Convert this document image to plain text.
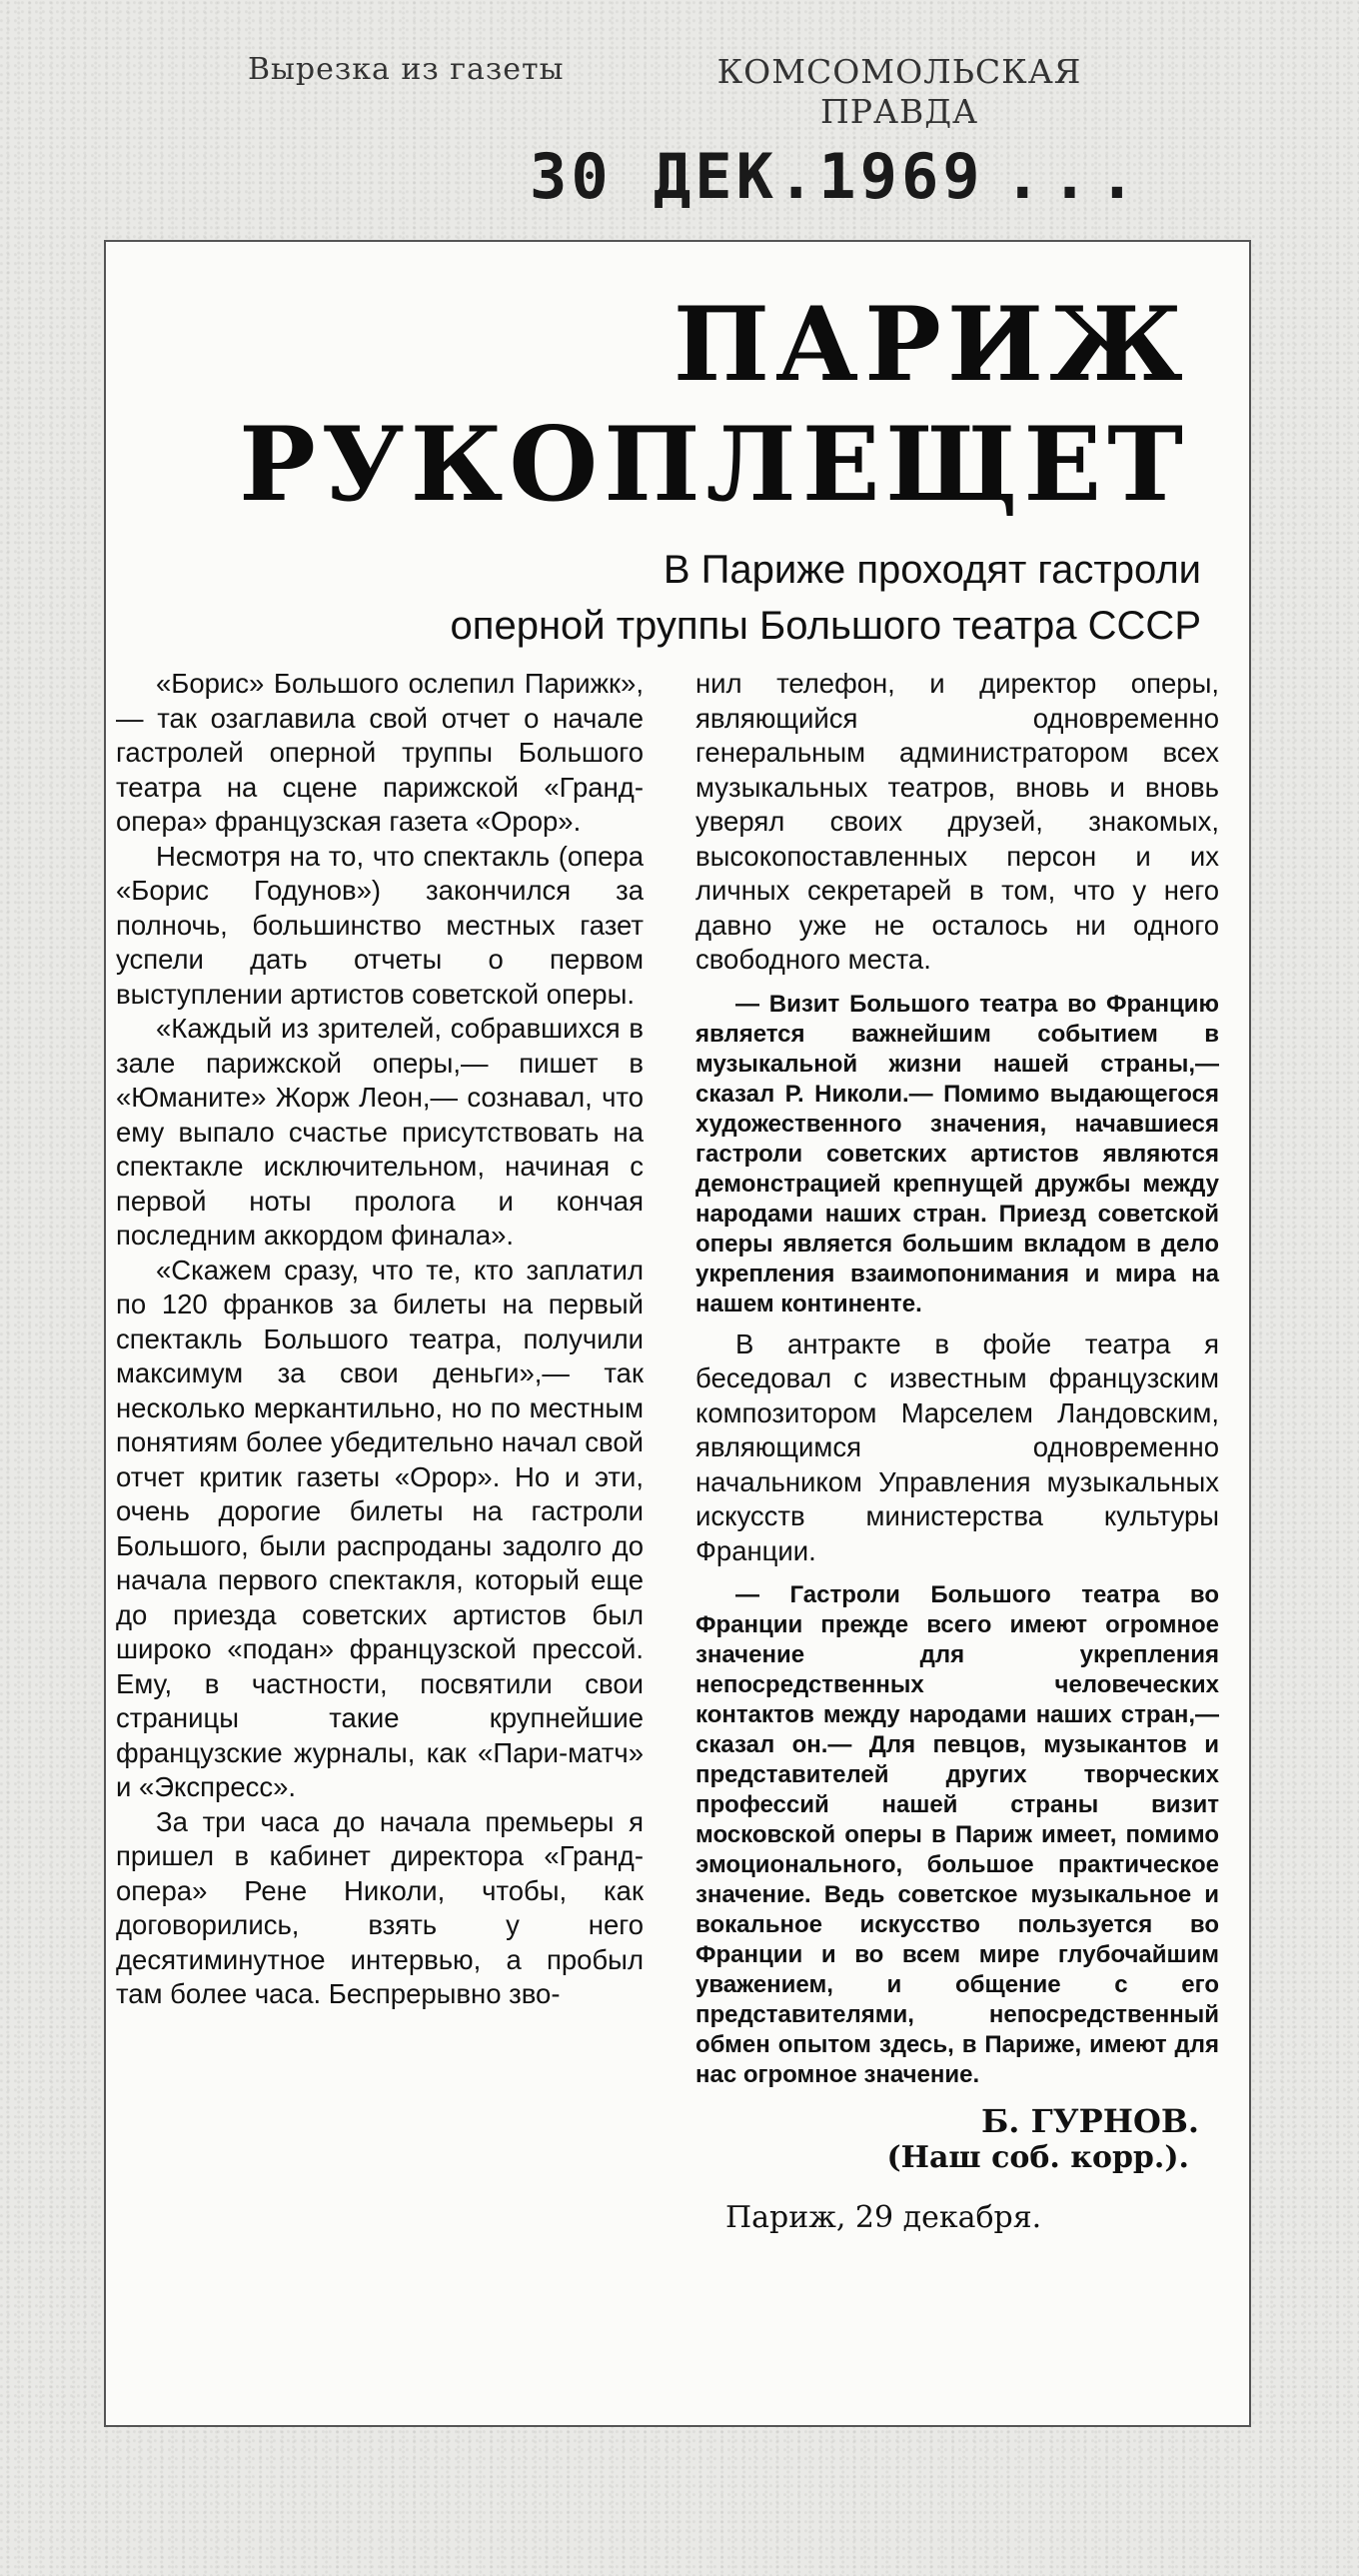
Вырезка из газеты	КОМСОМОЛЬСКАЯ ПРАВДА
30 ДЕК.1969 ...
ПАРИЖ
РУКОПЛЕЩЕТ
В Париже проходят гастроли
оперной труппы Большого театра СССР

«Борис» Большого ослепил Парижк»,— так озаглавила свой отчет о начале гастролей оперной труппы Большого театра на сцене парижской «Гранд-опера» французская газета «Орор».

Несмотря на то, что спектакль (опера «Борис Годунов») закончился за полночь, большинство местных газет успели дать отчеты о первом выступлении артистов советской оперы.

«Каждый из зрителей, собравшихся в зале парижской оперы,— пишет в «Юманите» Жорж Леон,— сознавал, что ему выпало счастье присутствовать на спектакле исключительном, начиная с первой ноты пролога и кончая последним аккордом финала».

«Скажем сразу, что те, кто заплатил по 120 франков за билеты на первый спектакль Большого театра, получили максимум за свои деньги»,— так несколько меркантильно, но по местным понятиям более убедительно начал свой отчет критик газеты «Орор». Но и эти, очень дорогие билеты на гастроли Большого, были распроданы задолго до начала первого спектакля, который еще до приезда советских артистов был широко «подан» французской прессой. Ему, в частности, посвятили свои страницы такие крупнейшие французские журналы, как «Пари-матч» и «Экспресс».

За три часа до начала премьеры я пришел в кабинет директора «Гранд-опера» Рене Николи, чтобы, как договорились, взять у него десятиминутное интервью, а пробыл там более часа. Беспрерывно зво-

нил телефон, и директор оперы, являющийся одновременно генеральным администратором всех музыкальных театров, вновь и вновь уверял своих друзей, знакомых, высокопоставленных персон и их личных секретарей в том, что у него давно уже не осталось ни одного свободного места.

— Визит Большого театра во Францию является важнейшим событием в музыкальной жизни нашей страны,— сказал Р. Николи.— Помимо выдающегося художественного значения, начавшиеся гастроли советских артистов являются демонстрацией крепнущей дружбы между народами наших стран. Приезд советской оперы является большим вкладом в дело укрепления взаимопонимания и мира на нашем континенте.

В антракте в фойе театра я беседовал с известным французским композитором Марселем Ландовским, являющимся одновременно начальником Управления музыкальных искусств министерства культуры Франции.

— Гастроли Большого театра во Франции прежде всего имеют огромное значение для укрепления непосредственных человеческих контактов между народами наших стран,— сказал он.— Для певцов, музыкантов и представителей других творческих профессий нашей страны визит московской оперы в Париж имеет, помимо эмоционального, большое практическое значение. Ведь советское музыкальное и вокальное искусство пользуется во Франции и во всем мире глубочайшим уважением, и общение с его представителями, непосредственный обмен опытом здесь, в Париже, имеют для нас огромное значение.

Б. ГУРНОВ.
(Наш соб. корр.).
Париж, 29 декабря.
